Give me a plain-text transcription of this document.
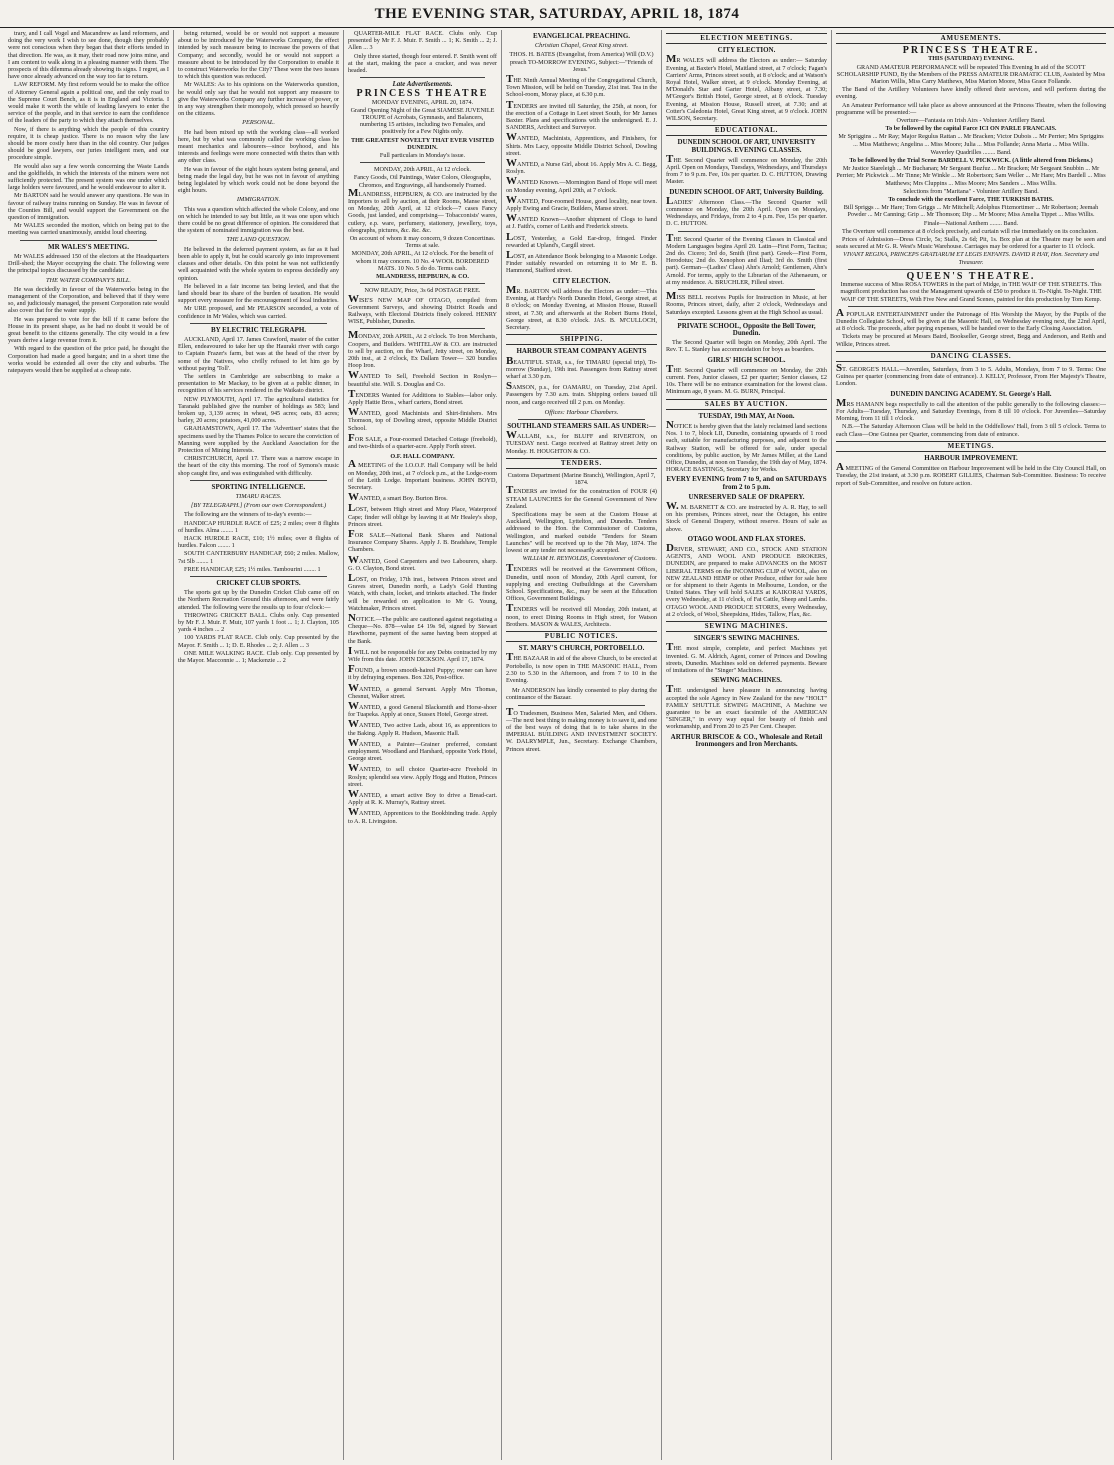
THE EVENING STAR, SATURDAY, APRIL 18, 1874

trary, and I call Vogel and Macandrew as land reformers, and doing the very work I wish to see done, though they probably were not conscious when they began that their efforts tended in that direction. He was, as it may, their road now joins mine, and I am content to walk along in a pleasing manner with them. The prospects of this dilemma already showing its signs. I regret, as I have once already advanced on the way too far to return.

LAW REFORM. My first reform would be to make the office of Attorney General again a political one, and the only road to the Supreme Court Bench, as it is in England and Victoria. I would make it worth the while of leading lawyers to enter the service of the people, and in that service to earn the confidence of the leaders of the party to which they attach themselves.

Now, if there is anything which the people of this country require, it is cheap justice. There is no reason why the law should be more costly here than in the old country. Our judges should be good lawyers, our juries intelligent men, and our procedure simple.

He would also say a few words concerning the Waste Lands and the goldfields, in which the interests of the miners were not sufficiently protected. The present system was one under which large holders were favoured, and he would endeavour to alter it.

Mr BARTON said he would answer any questions. He was in favour of railway trains running on Sunday. He was in favour of the Counties Bill, and would support the Government on the question of immigration.

Mr WALES seconded the motion, which on being put to the meeting was carried unanimously, amidst loud cheering.

MR WALES'S MEETING.

Mr WALES addressed 150 of the electors at the Headquarters Drill-shed; the Mayor occupying the chair. The following were the principal topics discussed by the candidate:

THE WATER COMPANY'S BILL.

He was decidedly in favour of the Waterworks being in the management of the Corporation, and believed that if they were so, and judiciously managed, the present Corporation rate would also cover that for the water supply.

He was prepared to vote for the bill if it came before the House in its present shape, as he had no doubt it would be of great benefit to the citizens generally. The city would in a few years derive a large revenue from it.

With regard to the question of the price paid, he thought the Corporation had made a good bargain; and in a short time the works would be extended all over the city and suburbs. The ratepayers would then be supplied at a cheap rate.

being returned, would be or would not support a measure about to be introduced by the Waterworks Company, the effect intended by such measure being to increase the powers of that Company; and secondly, would he or would not support a measure about to be introduced by the Corporation to enable it to construct Waterworks for the City? These were the two issues to which this question was reduced.

Mr WALES: As to his opinions on the Waterworks question, he would only say that he would not support any measure to give the Waterworks Company any further increase of power, or in any way strengthen their monopoly, which pressed so heavily on the citizens.

PERSONAL.

He had been mixed up with the working class—all worked here, but by what was commonly called the working class he meant mechanics and labourers—since boyhood, and his interests and feelings were more connected with theirs than with any other class.

He was in favour of the eight hours system being general, and being made the legal day, but he was not in favour of anything being legislated by which work could not be done beyond the eight hours.

IMMIGRATION.

This was a question which affected the whole Colony, and one on which he intended to say but little, as it was one upon which there could be no great difference of opinion. He considered that the system of nominated immigration was the best.

THE LAND QUESTION.

He believed in the deferred payment system, as far as it had been able to apply it, but he could scarcely go into improvement clauses and other details. On this point he was not sufficiently well acquainted with the whole system to express decidedly any opinion.

He believed in a fair income tax being levied, and that the land should bear its share of the burden of taxation. He would support every measure for the encouragement of local industries.

Mr URE proposed, and Mr PEARSON seconded, a vote of confidence in Mr Wales, which was carried.

BY ELECTRIC TELEGRAPH.

AUCKLAND, April 17. James Crawford, master of the cutter Ellen, endeavoured to take her up the Hauraki river with cargo to Captain Frazer's farm, but was at the head of the river by some of the Natives, who civilly refused to let him go by without paying 'Toll'.

The settlers in Cambridge are subscribing to make a presentation to Mr Mackay, to be given at a public dinner, in recognition of his services rendered in the Waikato district.

NEW PLYMOUTH, April 17. The agricultural statistics for Taranaki published give the number of holdings as 583; land broken up, 3,139 acres; in wheat, 945 acres; oats, 83 acres; barley, 20 acres; potatoes, 41,000 acres.

GRAHAMSTOWN, April 17. The 'Advertiser' states that the specimens used by the Thames Police to secure the conviction of Manning were supplied by the Auckland Association for the Protection of Mining Interests.

CHRISTCHURCH, April 17. There was a narrow escape in the heart of the city this morning. The roof of Symons's music shop caught fire, and was extinguished with difficulty.

SPORTING INTELLIGENCE.

TIMARU RACES.

[BY TELEGRAPH.] (From our own Correspondent.)

The following are the winners of to-day's events:—

HANDICAP HURDLE RACE of £25; 2 miles; over 8 flights of hurdles. Alma ........ 1

HACK HURDLE RACE, £10; 1½ miles; over 8 flights of hurdles. Falcon ........ 1

SOUTH CANTERBURY HANDICAP, £60; 2 miles. Mallow, 7st 5lb ........ 1

FREE HANDICAP, £25; 1½ miles. Tambourini ........ 1

CRICKET CLUB SPORTS.

The sports got up by the Dunedin Cricket Club came off on the Northern Recreation Ground this afternoon, and were fairly attended. The following were the results up to four o'clock:—

THROWING CRICKET BALL. Clubs only. Cup presented by Mr F. J. Muir. F. Muir, 107 yards 1 foot ... 1; J. Clayton, 105 yards 4 inches ... 2

100 YARDS FLAT RACE. Club only. Cup presented by the Mayor. F. Smith ... 1; D. E. Rhodes ... 2; J. Allen ... 3

ONE MILE WALKING RACE. Club only. Cup presented by the Mayor. Macconnie ... 1; Mackenzie ... 2

QUARTER-MILE FLAT RACE. Clubs only. Cup presented by Mr F. J. Muir. F. Smith ... 1; K. Smith ... 2; J. Allen ... 3

Only three started, though four entered. F. Smith went off at the start, making the pace a cracker, and was never headed.

Late Advertisements.

PRINCESS THEATRE

MONDAY EVENING, APRIL 20, 1874.

Grand Opening Night of the Great SIAMESE JUVENILE TROUPE of Acrobats, Gymnasts, and Balancers, numbering 15 artistes, including two Females, and positively for a Few Nights only.

THE GREATEST NOVELTY THAT EVER VISITED DUNEDIN.

Full particulars in Monday's issue.

MONDAY, 20th APRIL, At 12 o'clock.

Fancy Goods, Oil Paintings, Water Colors, Oleographs, Chromos, and Engravings, all handsomely Framed.

MLANDRESS, HEPBURN, & CO. are instructed by the Importers to sell by auction, at their Rooms, Manse street, on Monday, 20th April, at 12 o'clock—7 cases Fancy Goods, just landed, and comprising— Tobacconists' wares, cutlery, e.p. ware, perfumery, stationery, jewellery, toys, oleographs, pictures, &c. &c. &c.

On account of whom it may concern, 9 dozen Concertinas. Terms at sale.

MONDAY, 20th APRIL, At 12 o'clock. For the benefit of whom it may concern. 10 No. 4 WOOL BORDERED MATS. 10 No. 5 do do. Terms cash.

MLANDRESS, HEPBURN, & CO.

NOW READY, Price, 3s 6d POSTAGE FREE.

WISE'S NEW MAP OF OTAGO, compiled from Government Surveys, and showing District Roads and Railways, with Electoral Districts finely colored. HENRY WISE, Publisher, Dunedin.

MONDAY, 20th APRIL, At 2 o'clock. To Iron Merchants, Coopers, and Builders. WHITELAW & CO. are instructed to sell by auction, on the Wharf, Jetty street, on Monday, 20th inst., at 2 o'clock, Ex Dallam Tower— 320 bundles Hoop Iron.

WANTED To Sell, Freehold Section in Roslyn—beautiful site. Will. S. Douglas and Co.

TENDERS Wanted for Additions to Stables—labor only. Apply Hattie Bros., wharf carters, Bond street.

WANTED, good Machinists and Shirt-finishers. Mrs Thomson, top of Dowling street, opposite Middle District School.

FOR SALE, a Four-roomed Detached Cottage (freehold), and two-thirds of a quarter-acre. Apply Forth street.

O.F. HALL COMPANY.

A MEETING of the I.O.O.F. Hall Company will be held on Monday, 20th inst., at 7 o'clock p.m., at the Lodge-room of the Leith Lodge. Important business. JOHN BOYD, Secretary.

WANTED, a smart Boy. Burton Bros.

LOST, between High street and Mray Place, Waterproof Cape; finder will oblige by leaving it at Mr Healey's shop, Princes street.

FOR SALE—National Bank Shares and National Insurance Company Shares. Apply J. B. Bradshaw, Temple Chambers.

WANTED, Good Carpenters and two Labourers, sharp. G. O. Clayton, Bond street.

LOST, on Friday, 17th inst., between Princes street and Graves street, Dunedin north, a Lady's Gold Hunting Watch, with chain, locket, and trinkets attached. The finder will be rewarded on application to Mr G. Young, Watchmaker, Princes street.

NOTICE.—The public are cautioned against negotiating a Cheque—No. 878—value £4 19s 9d, signed by Stewart Hawthorne, payment of the same having been stopped at the Bank.

I WILL not be responsible for any Debts contracted by my Wife from this date. JOHN DICKSON. April 17, 1874.

FOUND, a brown smooth-haired Puppy; owner can have it by defraying expenses. Box 326, Post-office.

WANTED, a general Servant. Apply Mrs Thomas, Chesnut, Walker street.

WANTED, a good General Blacksmith and Horse-shoer for Tuapeka. Apply at once, Sussex Hotel, George street.

WANTED, Two active Lads, about 16, as apprentices to the Baking. Apply R. Hudson, Masonic Hall.

WANTED, a Painter—Grainer preferred, constant employment. Woodland and Harshard, opposite York Hotel, George street.

WANTED, to sell choice Quarter-acre Freehold in Roslyn; splendid sea view. Apply Hogg and Hutton, Princes street.

WANTED, a smart active Boy to drive a Bread-cart. Apply at R. K. Murray's, Rattray street.

WANTED, Apprentices to the Bookbinding trade. Apply to A. R. Livingston.

EVANGELICAL PREACHING.

Christian Chapel, Great King street.

THOS. H. BATES (Evangelist, from America) Will (D.V.) preach TO-MORROW EVENING, Subject:—"Friends of Jesus."

THE Ninth Annual Meeting of the Congregational Church, Town Mission, will be held on Tuesday, 21st inst. Tea in the School-room, Moray place, at 6.30 p.m.

TENDERS are invited till Saturday, the 25th, at noon, for the erection of a Cottage in Leet street South, for Mr James Baxter. Plans and specifications with the undersigned. E. J. SANDERS, Architect and Surveyor.

WANTED, Machinists, Apprentices, and Finishers, for Shirts. Mrs Lacy, opposite Middle District School, Dowling street.

WANTED, a Nurse Girl, about 16. Apply Mrs A. C. Begg, Roslyn.

WANTED Known.—Mornington Band of Hope will meet on Monday evening, April 20th, at 7 o'clock.

WANTED, Four-roomed House, good locality, near town. Apply Ewing and Gracie, Builders, Manse street.

WANTED Known—Another shipment of Clogs to hand at J. Faith's, corner of Leith and Frederick streets.

LOST, Yesterday, a Gold Ear-drop, fringed. Finder rewarded at Upland's, Cargill street.

LOST, an Attendance Book belonging to a Masonic Lodge. Finder suitably rewarded on returning it to Mr E. B. Hammond, Stafford street.

CITY ELECTION.

MR. BARTON will address the Electors as under:—This Evening, at Hardy's North Dunedin Hotel, George street, at 8 o'clock; on Monday Evening, at Mission House, Russell street, at 7.30; and afterwards at the Robert Burns Hotel, George street, at 8.30 o'clock. JAS. B. M'CULLOCH, Secretary.

SHIPPING.

HARBOUR STEAM COMPANY AGENTS

BEAUTIFUL STAR, s.s., for TIMARU (special trip), To-morrow (Sunday), 19th inst. Passengers from Rattray street wharf at 3.30 p.m.

SAMSON, p.s., for OAMARU, on Tuesday, 21st April. Passengers by 7.30 a.m. train. Shipping orders issued till noon, and cargo received till 2 p.m. on Monday.

Offices: Harbour Chambers.

SOUTHLAND STEAMERS SAIL AS UNDER:—

WALLABI, s.s., for BLUFF and RIVERTON, on TUESDAY next. Cargo received at Rattray street Jetty on Monday. H. HOUGHTON & CO.

TENDERS.

Customs Department (Marine Branch), Wellington, April 7, 1874.

TENDERS are invited for the construction of FOUR (4) STEAM LAUNCHES for the General Government of New Zealand.

Specifications may be seen at the Custom House at Auckland, Wellington, Lyttelton, and Dunedin. Tenders addressed to the Hon. the Commissioner of Customs, Wellington, and marked outside "Tenders for Steam Launches" will be received up to the 7th May, 1874. The lowest or any tender not necessarily accepted.

WILLIAM H. REYNOLDS, Commissioner of Customs.

TENDERS will be received at the Government Offices, Dunedin, until noon of Monday, 20th April current, for supplying and erecting Outbuildings at the Caversham School. Specifications, &c., may be seen at the Education Offices, Government Buildings.

TENDERS will be received till Monday, 20th instant, at noon, to erect Dining Rooms in High street, for Watson Brothers. MASON & WALES, Architects.

PUBLIC NOTICES.

ST. MARY'S CHURCH, PORTOBELLO.

THE BAZAAR in aid of the above Church, to be erected at Portobello, is now open in THE MASONIC HALL, From 2.30 to 5.30 in the Afternoon, and from 7 to 10 in the Evening.

Mr ANDERSON has kindly consented to play during the continuance of the Bazaar.

TO Tradesmen, Business Men, Salaried Men, and Others.—The next best thing to making money is to save it, and one of the best ways of doing that is to take shares in the IMPERIAL BUILDING AND INVESTMENT SOCIETY. W. DALRYMPLE, Jun., Secretary. Exchange Chambers, Princes street.

ELECTION MEETINGS.

CITY ELECTION.

MR WALES will address the Electors as under:— Saturday Evening, at Baxter's Hotel, Maitland street, at 7 o'clock; Fagan's Carriers' Arms, Princes street south, at 8 o'clock; and at Watson's Royal Hotel, Walker street, at 9 o'clock. Monday Evening, at M'Donald's Star and Garter Hotel, Albany street, at 7.30; M'Gregor's British Hotel, George street, at 8 o'clock. Tuesday Evening, at Mission House, Russell street, at 7.30; and at Cotter's Caledonia Hotel, Great King street, at 9 o'clock. JOHN WILSON, Secretary.

EDUCATIONAL.

DUNEDIN SCHOOL OF ART, UNIVERSITY BUILDINGS. EVENING CLASSES.

THE Second Quarter will commence on Monday, the 20th April. Open on Mondays, Tuesdays, Wednesdays, and Thursdays from 7 to 9 p.m. Fee, 10s per quarter. D. C. HUTTON, Drawing Master.

DUNEDIN SCHOOL OF ART, University Building.

LADIES' Afternoon Class.—The Second Quarter will commence on Monday, the 20th April. Open on Mondays, Wednesdays, and Fridays, from 2 to 4 p.m. Fee, 15s per quarter. D. C. HUTTON.

THE Second Quarter of the Evening Classes in Classical and Modern Languages begins April 20. Latin—First Form, Tacitus; 2nd do. Cicero; 3rd do, Smith (first part). Greek—First Form, Herodotus; 2nd do. Xenophon and Iliad; 3rd do. Smith (first part). German—(Ladies' Class) Ahn's Arnold; Gentlemen, Ahn's Arnold. For terms, apply to the Librarian of the Athenaeum, or at my residence. A. BRUCHLER, Filleul street.

MISS BELL receives Pupils for Instruction in Music, at her Rooms, Princes street, daily, after 2 o'clock, Wednesdays and Saturdays excepted. Lessons given at the High School as usual.

PRIVATE SCHOOL, Opposite the Bell Tower, Dunedin.

The Second Quarter will begin on Monday, 20th April. The Rev. T. L. Stanley has accommodation for boys as boarders.

GIRLS' HIGH SCHOOL.

THE Second Quarter will commence on Monday, the 20th current. Fees, Junior classes, £2 per quarter; Senior classes, £2 10s. There will be no entrance examination for the lowest class. Minimum age, 8 years. M. G. BURN, Principal.

SALES BY AUCTION.

TUESDAY, 19th MAY, At Noon.

NOTICE is hereby given that the lately reclaimed land sections Nos. 1 to 7, block LII, Dunedin, containing upwards of 1 rood each, suitable for manufacturing purposes, and adjacent to the Railway Station, will be offered for sale, under special conditions, by public auction, by Mr James Miller, at the Land Office, Dunedin, at noon on Tuesday, the 19th day of May, 1874. HORACE BASTINGS, Secretary for Works.

EVERY EVENING from 7 to 9, and on SATURDAYS from 2 to 5 p.m.

UNRESERVED SALE OF DRAPERY.

W. M. BARNETT & CO. are instructed by A. R. Hay, to sell on his premises, Princes street, near the Octagon, his entire Stock of General Drapery, without reserve. Hours of sale as above.

OTAGO WOOL AND FLAX STORES.

DRIVER, STEWART, AND CO., STOCK AND STATION AGENTS, AND WOOL AND PRODUCE BROKERS, DUNEDIN, are prepared to make ADVANCES on the MOST LIBERAL TERMS on the INCOMING CLIP of WOOL, also on NEW ZEALAND HEMP or other Produce, either for sale here or for shipment to their Agents in Melbourne, London, or the United States. They will hold SALES at KAIKORAI YARDS, every Wednesday, at 11 o'clock, of Fat Cattle, Sheep and Lambs. OTAGO WOOL AND PRODUCE STORES, every Wednesday, at 2 o'clock, of Wool, Sheepskins, Hides, Tallow, Flax, &c.

SEWING MACHINES.

SINGER'S SEWING MACHINES.

THE most simple, complete, and perfect Machines yet invented. G. M. Aldrich, Agent, corner of Princes and Dowling streets, Dunedin. Machines sold on deferred payments. Beware of imitations of the "Singer" Machines.

SEWING MACHINES.

THE undersigned have pleasure in announcing having accepted the sole Agency in New Zealand for the new "HOLT" FAMILY SHUTTLE SEWING MACHINE, A Machine we guarantee to be an exact facsimile of the AMERICAN "SINGER," in every way equal for beauty of finish and workmanship, and From 20 to 25 Per Cent. Cheaper.

ARTHUR BRISCOE & CO., Wholesale and Retail Ironmongers and Iron Merchants.

AMUSEMENTS.

PRINCESS THEATRE.

THIS (SATURDAY) EVENING.

GRAND AMATEUR PERFORMANCE will be repeated This Evening In aid of the SCOTT SCHOLARSHIP FUND, By the Members of the PRESS AMATEUR DRAMATIC CLUB, Assisted by Miss Marion Willis, Miss Carry Matthews, Miss Marion Moore, Miss Grace Follande.

The Band of the Artillery Volunteers have kindly offered their services, and will perform during the evening.

An Amateur Performance will take place as above announced at the Princess Theatre, when the following programme will be presented:—

Overture—Fantasia on Irish Airs - Volunteer Artillery Band.

To be followed by the capital Farce ICI ON PARLE FRANCAIS.

Mr Spriggins ... Mr Ray; Major Regulus Rattan ... Mr Bracken; Victor Dubois ... Mr Perrier; Mrs Spriggins ... Miss Matthews; Angelina ... Miss Moore; Julia ... Miss Follande; Anna Maria ... Miss Willis.

Waverley Quadrilles ........ Band.

To be followed by the Trial Scene BARDELL V. PICKWICK. (A little altered from Dickens.)

Mr Justice Stareleigh ... Mr Buchanan; Mr Sergeant Buzfuz ... Mr Bracken; Mr Sergeant Snubbin ... Mr Perrier; Mr Pickwick ... Mr Tinne; Mr Winkle ... Mr Robertson; Sam Weller ... Mr Hare; Mrs Bardell ... Miss Matthews; Mrs Cluppins ... Miss Moore; Mrs Sanders ... Miss Willis.

Selections from "Maritana" - Volunteer Artillery Band.

To conclude with the excellent Farce, THE TURKISH BATHS.

Bill Spriggs ... Mr Hare; Tom Griggs ... Mr Mitchell; Adolphus Fitzmortimer ... Mr Robertson; Jeemah Powder ... Mr Canning; Grip ... Mr Thomson; Dip ... Mr Moore; Miss Amelia Tippet ... Miss Willis.

Finale—National Anthem ........ Band.

The Overture will commence at 8 o'clock precisely, and curtain will rise immediately on its conclusion.

Prices of Admission—Dress Circle, 5s; Stalls, 2s 6d; Pit, 1s. Box plan at the Theatre may be seen and seats secured at Mr G. R. West's Music Warehouse. Carriages may be ordered for a quarter to 11 o'clock.

VIVANT REGINA, PRINCEPS GRATIARUM ET LEGIS ENFANTS. DAVID R HAY, Hon. Secretary and Treasurer.

QUEEN'S THEATRE.

Immense success of Miss ROSA TOWERS in the part of Midge, in THE WAIF OF THE STREETS. This magnificent production has cost the Management upwards of £50 to produce it. To-Night. To-Night. THE WAIF OF THE STREETS, With Five New and Grand Scenes, painted for this production by Tom Kemp.

A POPULAR ENTERTAINMENT under the Patronage of His Worship the Mayor, by the Pupils of the Dunedin Collegiate School, will be given at the Masonic Hall, on Wednesday evening next, the 22nd April, at 8 o'clock. The proceeds, after paying expenses, will be handed over to the Early Closing Association.

Tickets may be procured at Messrs Baird, Bookseller, George street, Begg and Anderson, and Reith and Wilkie, Princes street.

DANCING CLASSES.

ST. GEORGE'S HALL.—Juveniles, Saturdays, from 3 to 5. Adults, Mondays, from 7 to 9. Terms: One Guinea per quarter (commencing from date of entrance). J. KELLY, Professor, From Her Majesty's Theatre, London.

DUNEDIN DANCING ACADEMY. St. George's Hall.

MRS HAMANN begs respectfully to call the attention of the public generally to the following classes:— For Adults—Tuesday, Thursday, and Saturday Evenings, from 8 till 10 o'clock. For Juveniles—Saturday Morning, from 11 till 1 o'clock.

N.B.—The Saturday Afternoon Class will be held in the Oddfellows' Hall, from 3 till 5 o'clock. Terms to each Class—One Guinea per Quarter, commencing from date of entrance.

MEETINGS.

HARBOUR IMPROVEMENT.

A MEETING of the General Committee on Harbour Improvement will be held in the City Council Hall, on Tuesday, the 21st instant, at 3.30 p.m. ROBERT GILLIES, Chairman Sub-Committee. Business: To receive report of Sub-Committee, and resolve on future action.
